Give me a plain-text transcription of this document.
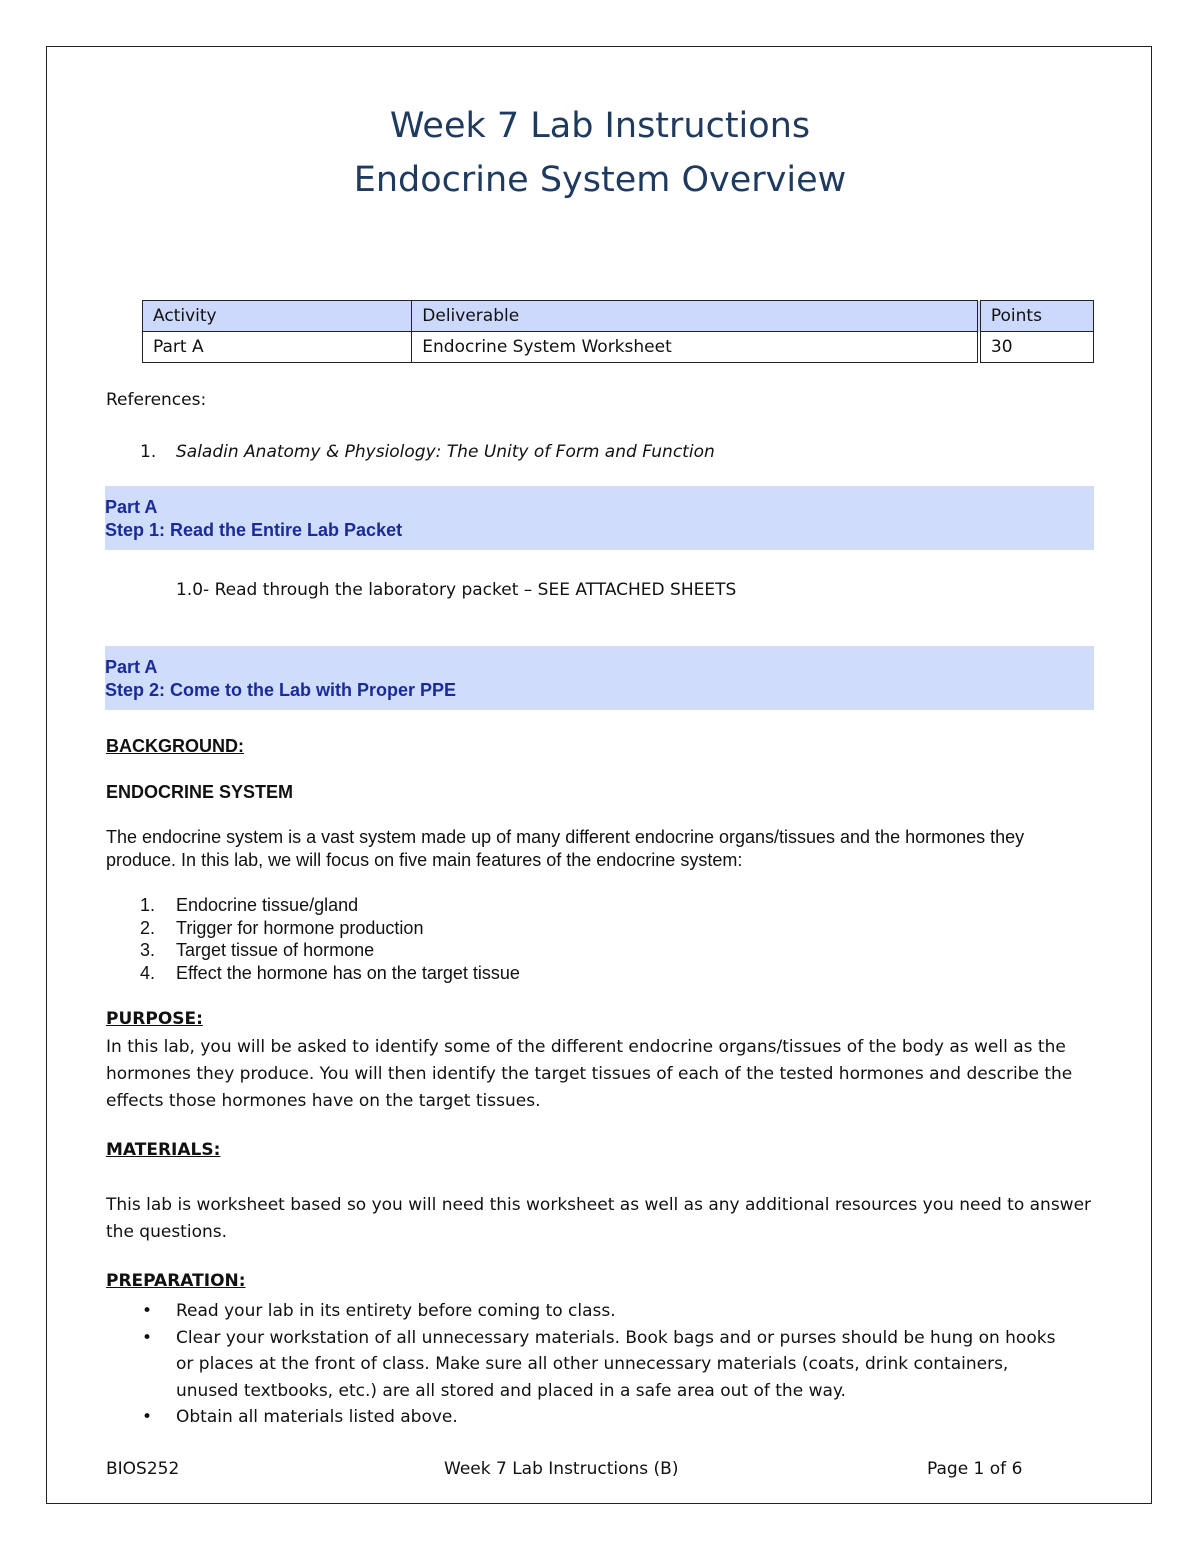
Week 7 Lab Instructions
Endocrine System Overview
Activity	Deliverable	Points
Part A	Endocrine System Worksheet	30
References:
1. Saladin Anatomy & Physiology: The Unity of Form and Function
Part A
Step 1: Read the Entire Lab Packet
1.0- Read through the laboratory packet – SEE ATTACHED SHEETS
Part A
Step 2: Come to the Lab with Proper PPE
BACKGROUND:
ENDOCRINE SYSTEM
The endocrine system is a vast system made up of many different endocrine organs/tissues and the hormones they produce. In this lab, we will focus on five main features of the endocrine system:
1. Endocrine tissue/gland
2. Trigger for hormone production
3. Target tissue of hormone
4. Effect the hormone has on the target tissue
PURPOSE:
In this lab, you will be asked to identify some of the different endocrine organs/tissues of the body as well as the hormones they produce. You will then identify the target tissues of each of the tested hormones and describe the effects those hormones have on the target tissues.
MATERIALS:
This lab is worksheet based so you will need this worksheet as well as any additional resources you need to answer the questions.
PREPARATION:
• Read your lab in its entirety before coming to class.
• Clear your workstation of all unnecessary materials. Book bags and or purses should be hung on hooks or places at the front of class. Make sure all other unnecessary materials (coats, drink containers, unused textbooks, etc.) are all stored and placed in a safe area out of the way.
• Obtain all materials listed above.
BIOS252	Week 7 Lab Instructions (B)	Page 1 of 6
